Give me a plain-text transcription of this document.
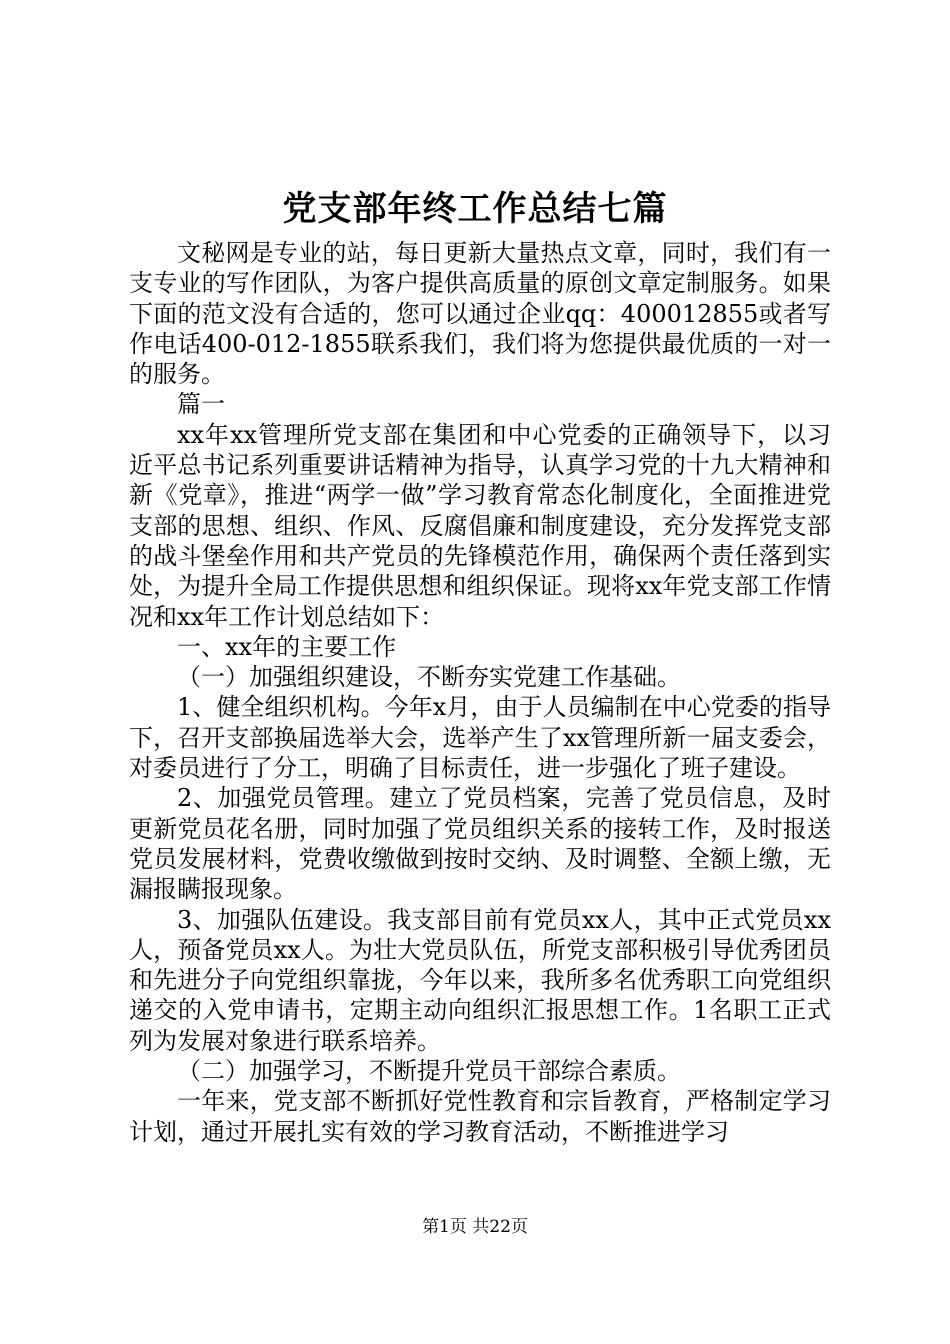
党支部年终工作总结七篇

文秘网是专业的站，每日更新大量热点文章，同时，我们有一支专业的写作团队，为客户提供高质量的原创文章定制服务。如果下面的范文没有合适的，您可以通过企业qq：400012855或者写作电话400-012-1855联系我们，我们将为您提供最优质的一对一的服务。

篇一

xx年xx管理所党支部在集团和中心党委的正确领导下，以习近平总书记系列重要讲话精神为指导，认真学习党的十九大精神和新《党章》，推进“两学一做”学习教育常态化制度化，全面推进党支部的思想、组织、作风、反腐倡廉和制度建设，充分发挥党支部的战斗堡垒作用和共产党员的先锋模范作用，确保两个责任落到实处，为提升全局工作提供思想和组织保证。现将xx年党支部工作情况和xx年工作计划总结如下：

一、xx年的主要工作

（一）加强组织建设，不断夯实党建工作基础。

1、健全组织机构。今年x月，由于人员编制在中心党委的指导下，召开支部换届选举大会，选举产生了xx管理所新一届支委会，对委员进行了分工，明确了目标责任，进一步强化了班子建设。

2、加强党员管理。建立了党员档案，完善了党员信息，及时更新党员花名册，同时加强了党员组织关系的接转工作，及时报送党员发展材料，党费收缴做到按时交纳、及时调整、全额上缴，无漏报瞒报现象。

3、加强队伍建设。我支部目前有党员xx人，其中正式党员xx人，预备党员xx人。为壮大党员队伍，所党支部积极引导优秀团员和先进分子向党组织靠拢，今年以来，我所多名优秀职工向党组织递交的入党申请书，定期主动向组织汇报思想工作。1名职工正式列为发展对象进行联系培养。

（二）加强学习，不断提升党员干部综合素质。

一年来，党支部不断抓好党性教育和宗旨教育，严格制定学习计划，通过开展扎实有效的学习教育活动，不断推进学习

第1页 共22页
